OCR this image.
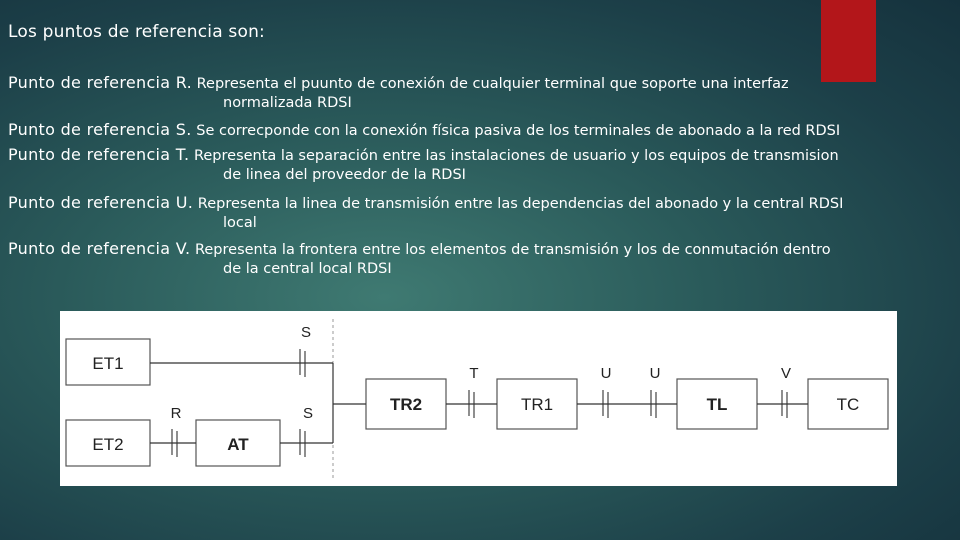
Los puntos de referencia son:
Punto de referencia R. Representa el puunto de conexión de cualquier terminal que soporte una interfaz
normalizada RDSI
Punto de referencia S. Se correcponde con la conexión física pasiva de los terminales de abonado a la red RDSI
Punto de referencia T. Representa la separación entre las instalaciones de usuario y los equipos de transmision
de linea del proveedor de la RDSI
Punto de referencia U. Representa la linea de transmisión entre las dependencias del abonado y la central RDSI
local
Punto de referencia V. Representa la frontera entre los elementos de transmisión y los de conmutación dentro
de la central local RDSI
ET1
ET2	AT
TR2	TR1	TL	TC
S
R	S
T	U	U	V
